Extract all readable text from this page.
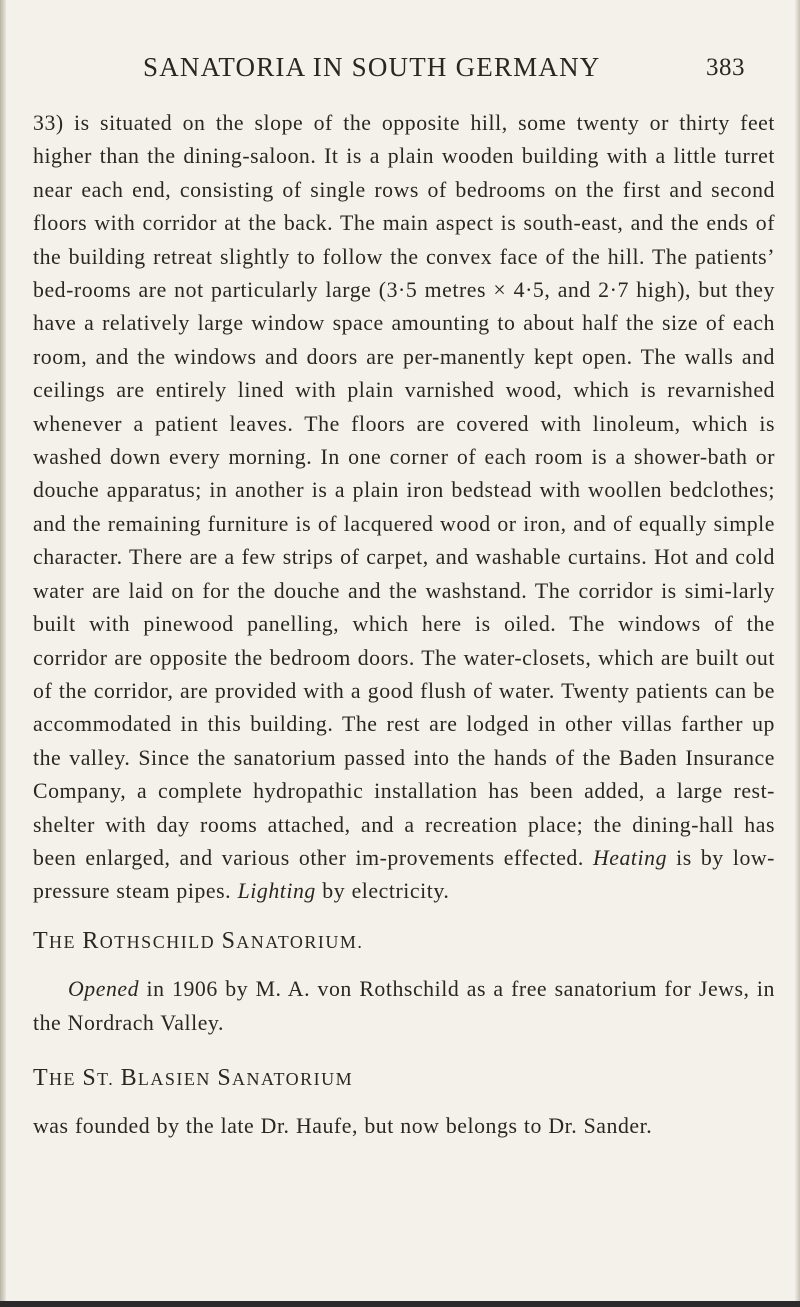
SANATORIA IN SOUTH GERMANY	383

33) is situated on the slope of the opposite hill, some twenty or thirty feet higher than the dining-saloon. It is a plain wooden building with a little turret near each end, consisting of single rows of bedrooms on the first and second floors with corridor at the back. The main aspect is south-east, and the ends of the building retreat slightly to follow the convex face of the hill. The patients’ bed-rooms are not particularly large (3·5 metres × 4·5, and 2·7 high), but they have a relatively large window space amounting to about half the size of each room, and the windows and doors are per-manently kept open. The walls and ceilings are entirely lined with plain varnished wood, which is revarnished whenever a patient leaves. The floors are covered with linoleum, which is washed down every morning. In one corner of each room is a shower-bath or douche apparatus; in another is a plain iron bedstead with woollen bedclothes; and the remaining furniture is of lacquered wood or iron, and of equally simple character. There are a few strips of carpet, and washable curtains. Hot and cold water are laid on for the douche and the washstand. The corridor is simi-larly built with pinewood panelling, which here is oiled. The windows of the corridor are opposite the bedroom doors. The water-closets, which are built out of the corridor, are provided with a good flush of water. Twenty patients can be accommodated in this building. The rest are lodged in other villas farther up the valley. Since the sanatorium passed into the hands of the Baden Insurance Company, a complete hydropathic installation has been added, a large rest-shelter with day rooms attached, and a recreation place; the dining-hall has been enlarged, and various other im-provements effected. Heating is by low-pressure steam pipes. Lighting by electricity.

THE ROTHSCHILD SANATORIUM.

Opened in 1906 by M. A. von Rothschild as a free sanatorium for Jews, in the Nordrach Valley.

THE ST. BLASIEN SANATORIUM

was founded by the late Dr. Haufe, but now belongs to Dr. Sander.
